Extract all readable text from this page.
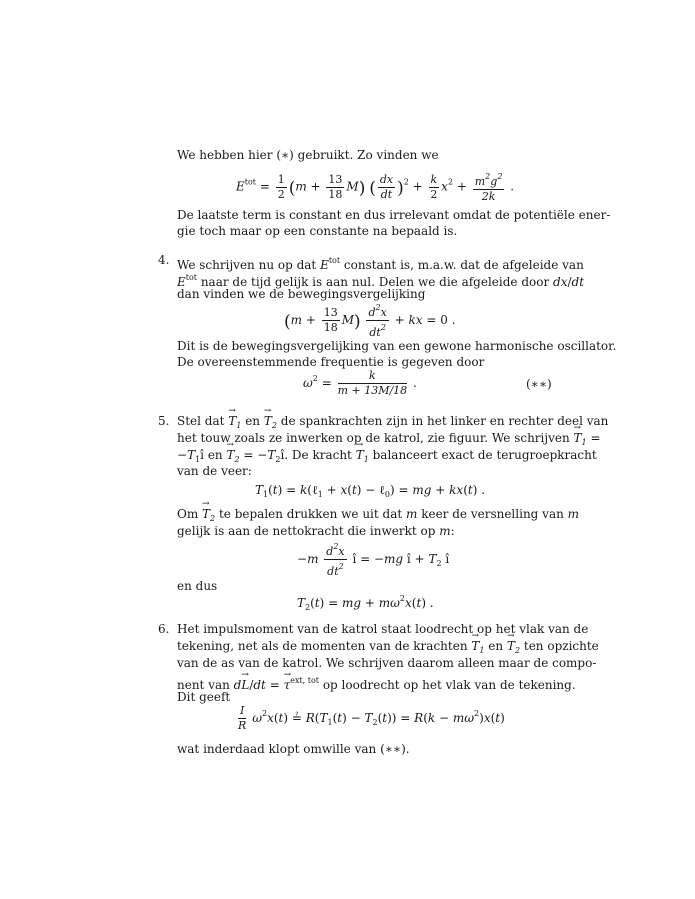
We hebben hier (∗) gebruikt. Zo vinden we
$E^{tot} = \frac{1}{2} (m + \frac{13}{18} M)$ ( $\frac{dx}{dt} )^2 + \frac{k}{2} x^2 + \frac{m^2g^2}{2k}$ .
De laatste term is constant en dus irrelevant omdat de potentiële ener-
gie toch maar op een constante na bepaald is.
4. We schrijven nu op dat $E^{tot}$ constant is, m.a.w. dat de afgeleide van
$E^{tot}$ naar de tijd gelijk is aan nul. Delen we die afgeleide door dx/dt
dan vinden we de bewegingsvergelijking
$(m + \frac{13}{18} M) \frac{d^2x}{dt^2}$ + kx = 0 .
Dit is de bewegingsvergelijking van een gewone harmonische oscillator.
De overeenstemmende frequentie is gegeven door
$\omega^2 = \frac{k}{m + 13M/18}$ .	(∗∗)
5. Stel dat → $T_1$ en → $T_2$ de spankrachten zijn in het linker en rechter deel van
het touw zoals ze inwerken op de katrol, zie figuur. We schrijven → $T_1$ =
$-T_1î$ en → $T_2$ = $-T_2î$. De kracht → $T_1$ balanceert exact de terugroepkracht
van de veer:
$T_1(t)$ = k(ℓ$_1$ + x(t) − ℓ$_0$) = mg + kx(t) .
$Om \to T_2$ te bepalen drukken we uit dat m keer de versnelling van m
gelijk is aan de nettokracht die inwerkt op m:
$-m \frac{d^2x}{dt^2}$ î = −mg î + $T_2$ î
en dus
$T_2(t)$ = mg + $m\omega^2x(t)$ .
6. Het impulsmoment van de katrol staat loodrecht op het vlak van de
tekening, net als de momenten van de krachten → $T_1$ en → $T_2$ ten opzichte
van de as van de katrol. We schrijven daarom alleen maar de compo-
nent van d→ L/dt = → $\tau^{ext, tot}$ op loodrecht op het vlak van de tekening.
Dit geeft
$\frac{I}{R} \omega^2x(t)$ ≟ $R(T_1(t) - T_2(t)) = R(k - m\omega^2)x(t)$
wat inderdaad klopt omwille van (∗∗).
